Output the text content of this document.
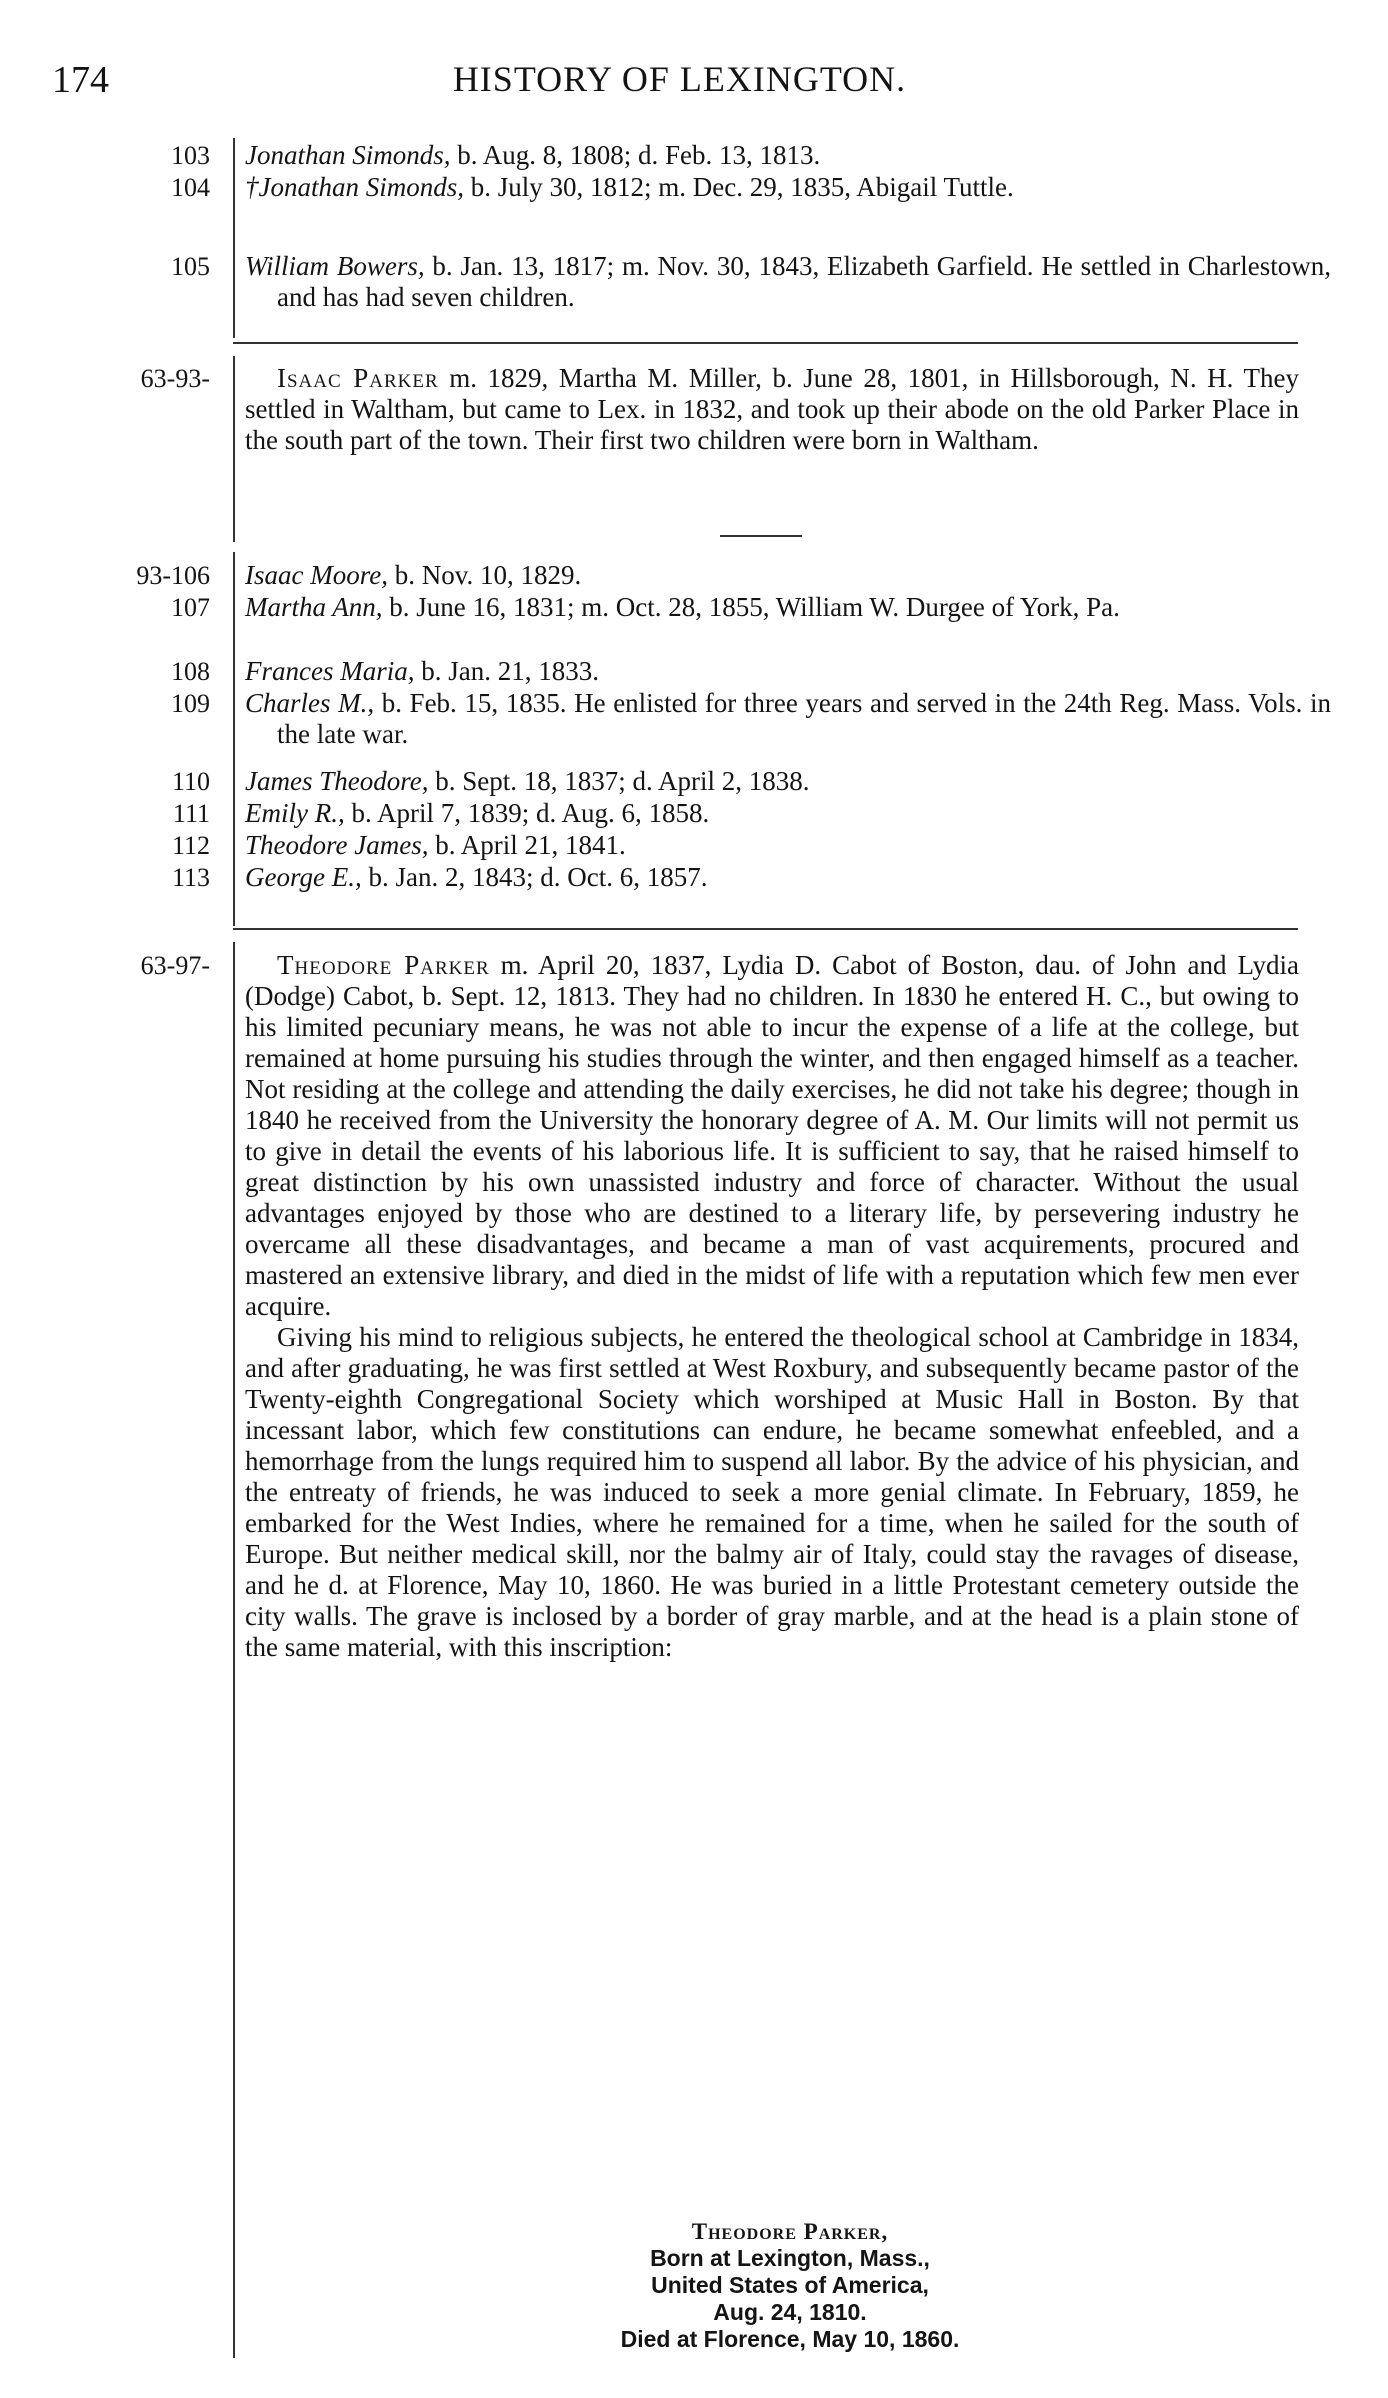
174	HISTORY OF LEXINGTON.
103 Jonathan Simonds, b. Aug. 8, 1808; d. Feb. 13, 1813.
104 †Jonathan Simonds, b. July 30, 1812; m. Dec. 29, 1835, Abigail Tuttle.
105 William Bowers, b. Jan. 13, 1817; m. Nov. 30, 1843, Elizabeth Garfield. He settled in Charlestown, and has had seven children.
63-93-	Isaac Parker m. 1829, Martha M. Miller, b. June 28, 1801, in Hillsborough, N. H. They settled in Waltham, but came to Lex. in 1832, and took up their abode on the old Parker Place in the south part of the town. Their first two children were born in Waltham.
93-106 Isaac Moore, b. Nov. 10, 1829.
107 Martha Ann, b. June 16, 1831; m. Oct. 28, 1855, William W. Durgee of York, Pa.
108 Frances Maria, b. Jan. 21, 1833.
109 Charles M., b. Feb. 15, 1835. He enlisted for three years and served in the 24th Reg. Mass. Vols. in the late war.
110 James Theodore, b. Sept. 18, 1837; d. April 2, 1838.
111 Emily R., b. April 7, 1839; d. Aug. 6, 1858.
112 Theodore James, b. April 21, 1841.
113 George E., b. Jan. 2, 1843; d. Oct. 6, 1857.
63-97-	Theodore Parker m. April 20, 1837, Lydia D. Cabot of Boston, dau. of John and Lydia (Dodge) Cabot, b. Sept. 12, 1813. They had no children. In 1830 he entered H. C., but owing to his limited pecuniary means, he was not able to incur the expense of a life at the college, but remained at home pursuing his studies through the winter, and then engaged himself as a teacher. Not residing at the college and attending the daily exercises, he did not take his degree; though in 1840 he received from the University the honorary degree of A. M. Our limits will not permit us to give in detail the events of his laborious life. It is sufficient to say, that he raised himself to great distinction by his own unassisted industry and force of character. Without the usual advantages enjoyed by those who are destined to a literary life, by persevering industry he overcame all these disadvantages, and became a man of vast acquirements, procured and mastered an extensive library, and died in the midst of life with a reputation which few men ever acquire.
Giving his mind to religious subjects, he entered the theological school at Cambridge in 1834, and after graduating, he was first settled at West Roxbury, and subsequently became pastor of the Twenty-eighth Congregational Society which worshiped at Music Hall in Boston. By that incessant labor, which few constitutions can endure, he became somewhat enfeebled, and a hemorrhage from the lungs required him to suspend all labor. By the advice of his physician, and the entreaty of friends, he was induced to seek a more genial climate. In February, 1859, he embarked for the West Indies, where he remained for a time, when he sailed for the south of Europe. But neither medical skill, nor the balmy air of Italy, could stay the ravages of disease, and he d. at Florence, May 10, 1860. He was buried in a little Protestant cemetery outside the city walls. The grave is inclosed by a border of gray marble, and at the head is a plain stone of the same material, with this inscription:
Theodore Parker,
Born at Lexington, Mass.,
United States of America,
Aug. 24, 1810.
Died at Florence, May 10, 1860.
